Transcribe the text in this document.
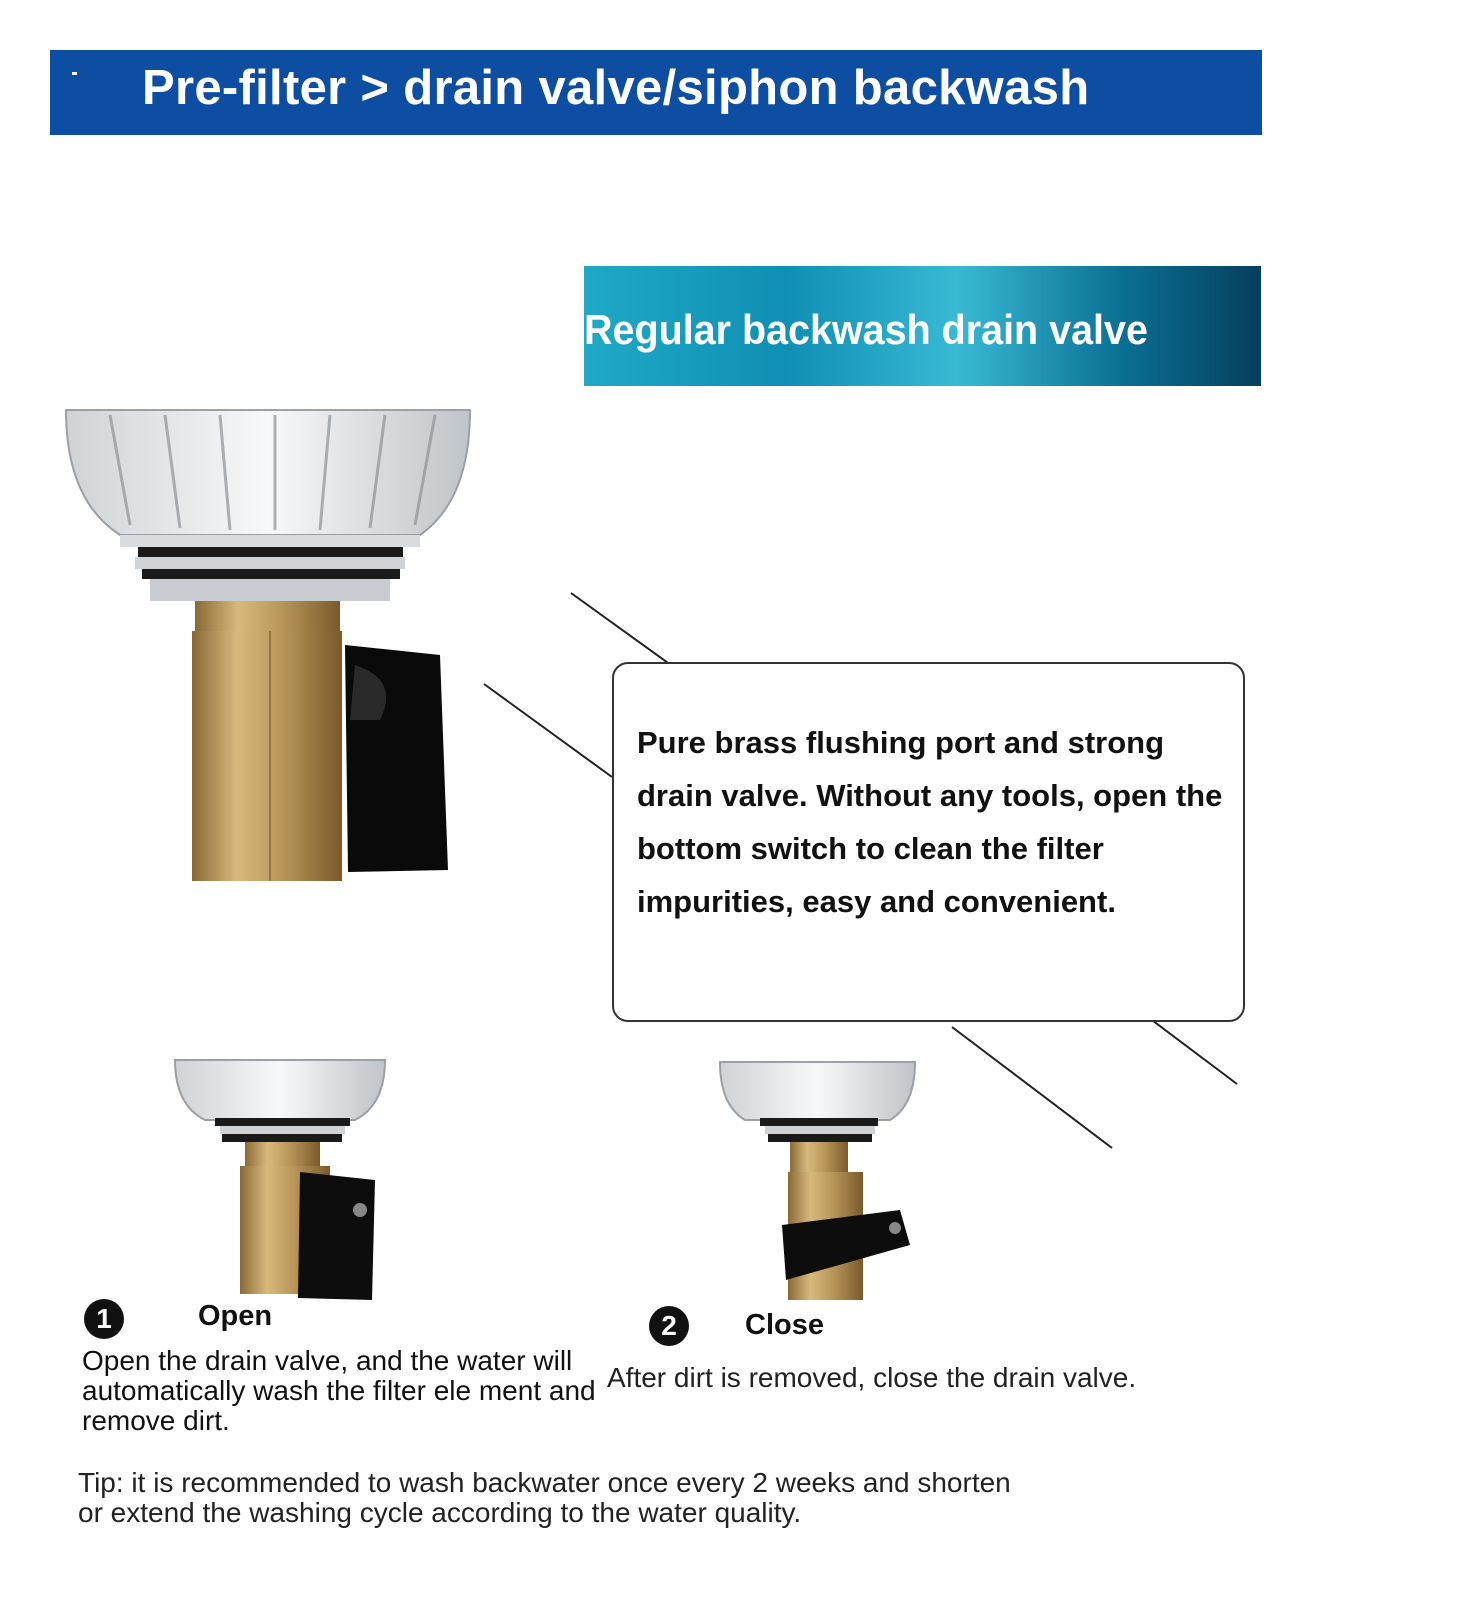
Pre-filter > drain valve/siphon backwash
Regular backwash drain valve
Pure brass flushing port and strong drain valve. Without any tools, open the bottom switch to clean the filter impurities, easy and convenient.
1	Open
Open the drain valve, and the water will automatically wash the filter ele ment and remove dirt.
2	Close
After dirt is removed, close the drain valve.
Tip: it is recommended to wash backwater once every 2 weeks and shorten or extend the washing cycle according to the water quality.
